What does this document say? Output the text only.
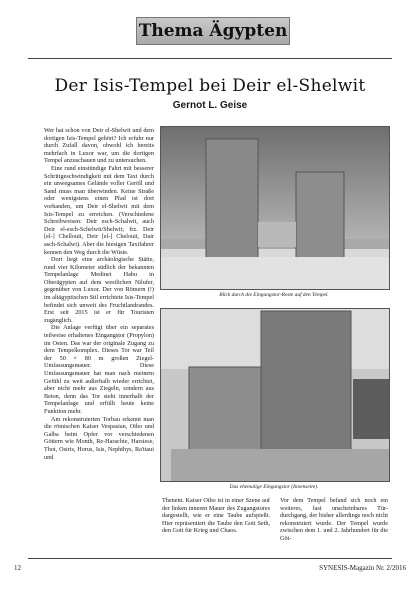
Thema Ägypten
Der Isis-Tempel bei Deir el-Shelwit
Gernot L. Geise

Wer hat schon von Deir el-Shelwit und dem dortigen Isis-Tempel gehört? Ich erfuhr nur durch Zufall davon, obwohl ich bereits mehrfach in Luxor war, um die dortigen Tempel anzuschauen und zu untersuchen.

Eine rund einstündige Fahrt mit besserer Schrittgeschwindigkeit mit dem Taxi durch ein unwegsames Gelände voller Geröll und Sand muss man überwinden. Keine Straße oder wenigstens einen Pfad ist dort vorhanden, um Deir el-Shelwit mit dem Isis-Tempel zu erreichen. (Verschiedene Schreibweisen: Deir esch-Schalwit, auch Deir el-esch-Schelwit/Shelwit; frz. Deir [el-] Chellouit, Deir [el-] Chelouit, Dair asch-Schalwi). Aber die hiesigen Taxifahrer kennen den Weg durch die Wüste.

Dort liegt eine archäologische Stätte, rund vier Kilometer südlich der bekannten Tempelanlage Medinet Habu in Oberägypten auf dem westlichen Nilufer, gegenüber von Luxor. Der von Römern (!) im altägyptischen Stil errichtete Isis-Tempel befindet sich unweit des Fruchtlandrandes. Erst seit 2015 ist er für Touristen zugänglich.

Die Anlage verfügt über ein separates teilweise erhaltenes Eingangstor (Propylon) im Osten. Das war der originale Zugang zu dem Tempelkomplex. Dieses Tor war Teil der 50 × 80 m großen Ziegel-Umfassungsmauer. Diese Umfassungsmauer hat man nach meinem Gefühl zu weit außerhalb wieder errichtet, aber nicht mehr aus Ziegeln, sondern aus Beton, denn das Tor steht innerhalb der Tempelanlage und erfüllt heute keine Funktion mehr.

Am rekonstruierten Torbau erkennt man die römischen Kaiser Vespasian, Otho und Galba beim Opfer vor verschiedenen Göttern wie Month, Re-Harachte, Harsiese, Thot, Osiris, Horus, Isis, Nephthys, Ra'ttaui und

Blick durch die Eingangstor-Reste auf den Tempel.
Das ehemalige Eingangstor (Innenseite).

Thenent. Kaiser Otho ist in einer Szene auf der linken inneren Mauer des Zugangstores dargestellt, wie er eine Taube aufspießt. Hier repräsentiert die Taube den Gott Seth, den Gott für Krieg und Chaos.

Vor dem Tempel befand sich noch ein weiteres, fast unscheinbares Tür-durchgang, der bisher allerdings noch nicht rekonstruiert wurde. Der Tempel wurde zwischen dem 1. und 2. Jahrhundert für die Göt-

12	SYNESIS-Magazin Nr. 2/2016
